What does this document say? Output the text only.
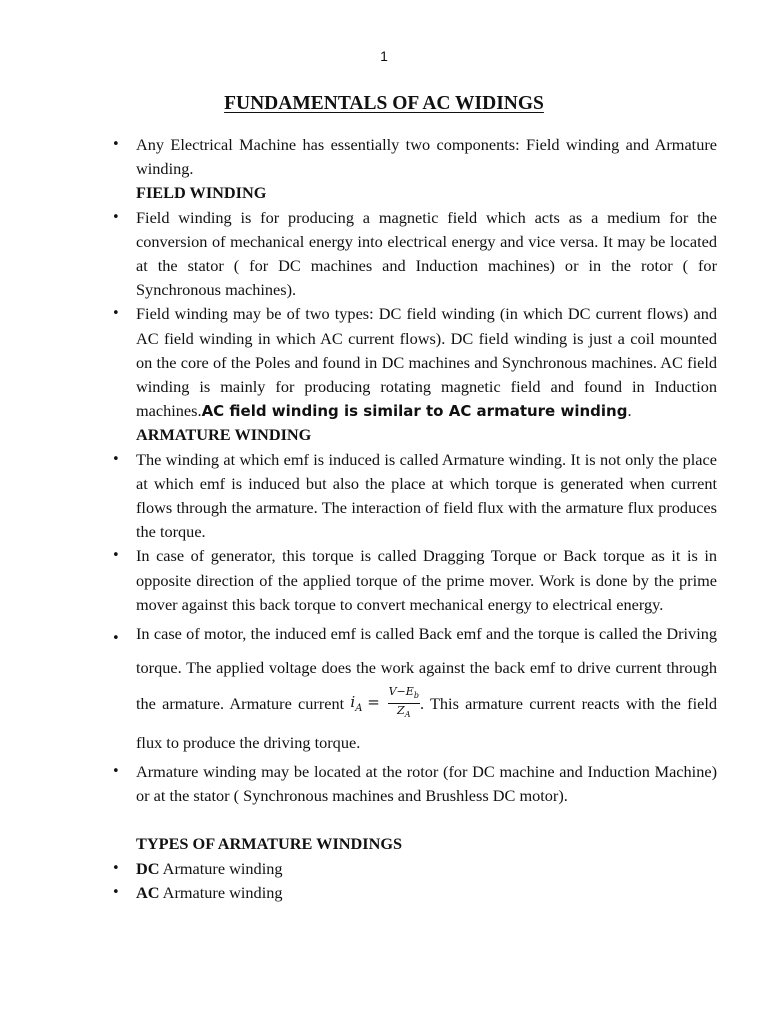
1
FUNDAMENTALS OF AC WIDINGS
• Any Electrical Machine has essentially two components: Field winding and Armature winding.
FIELD WINDING
• Field winding is for producing a magnetic field which acts as a medium for the conversion of mechanical energy into electrical energy and vice versa. It may be located at the stator ( for DC machines and Induction machines) or in the rotor ( for Synchronous machines).
• Field winding may be of two types: DC field winding (in which DC current flows) and AC field winding in which AC current flows). DC field winding is just a coil mounted on the core of the Poles and found in DC machines and Synchronous machines. AC field winding is mainly for producing rotating magnetic field and found in Induction machines.AC field winding is similar to AC armature winding.
ARMATURE WINDING
• The winding at which emf is induced is called Armature winding. It is not only the place at which emf is induced but also the place at which torque is generated when current flows through the armature. The interaction of field flux with the armature flux produces the torque.
• In case of generator, this torque is called Dragging Torque or Back torque as it is in opposite direction of the applied torque of the prime mover. Work is done by the prime mover against this back torque to convert mechanical energy to electrical energy.
• In case of motor, the induced emf is called Back emf and the torque is called the Driving torque. The applied voltage does the work against the back emf to drive current through the armature. Armature current $i_A = \frac{V-E_b}{Z_A}$ . This armature current reacts with the field flux to produce the driving torque.
• Armature winding may be located at the rotor (for DC machine and Induction Machine) or at the stator ( Synchronous machines and Brushless DC motor).
TYPES OF ARMATURE WINDINGS
• DC Armature winding
• AC Armature winding
